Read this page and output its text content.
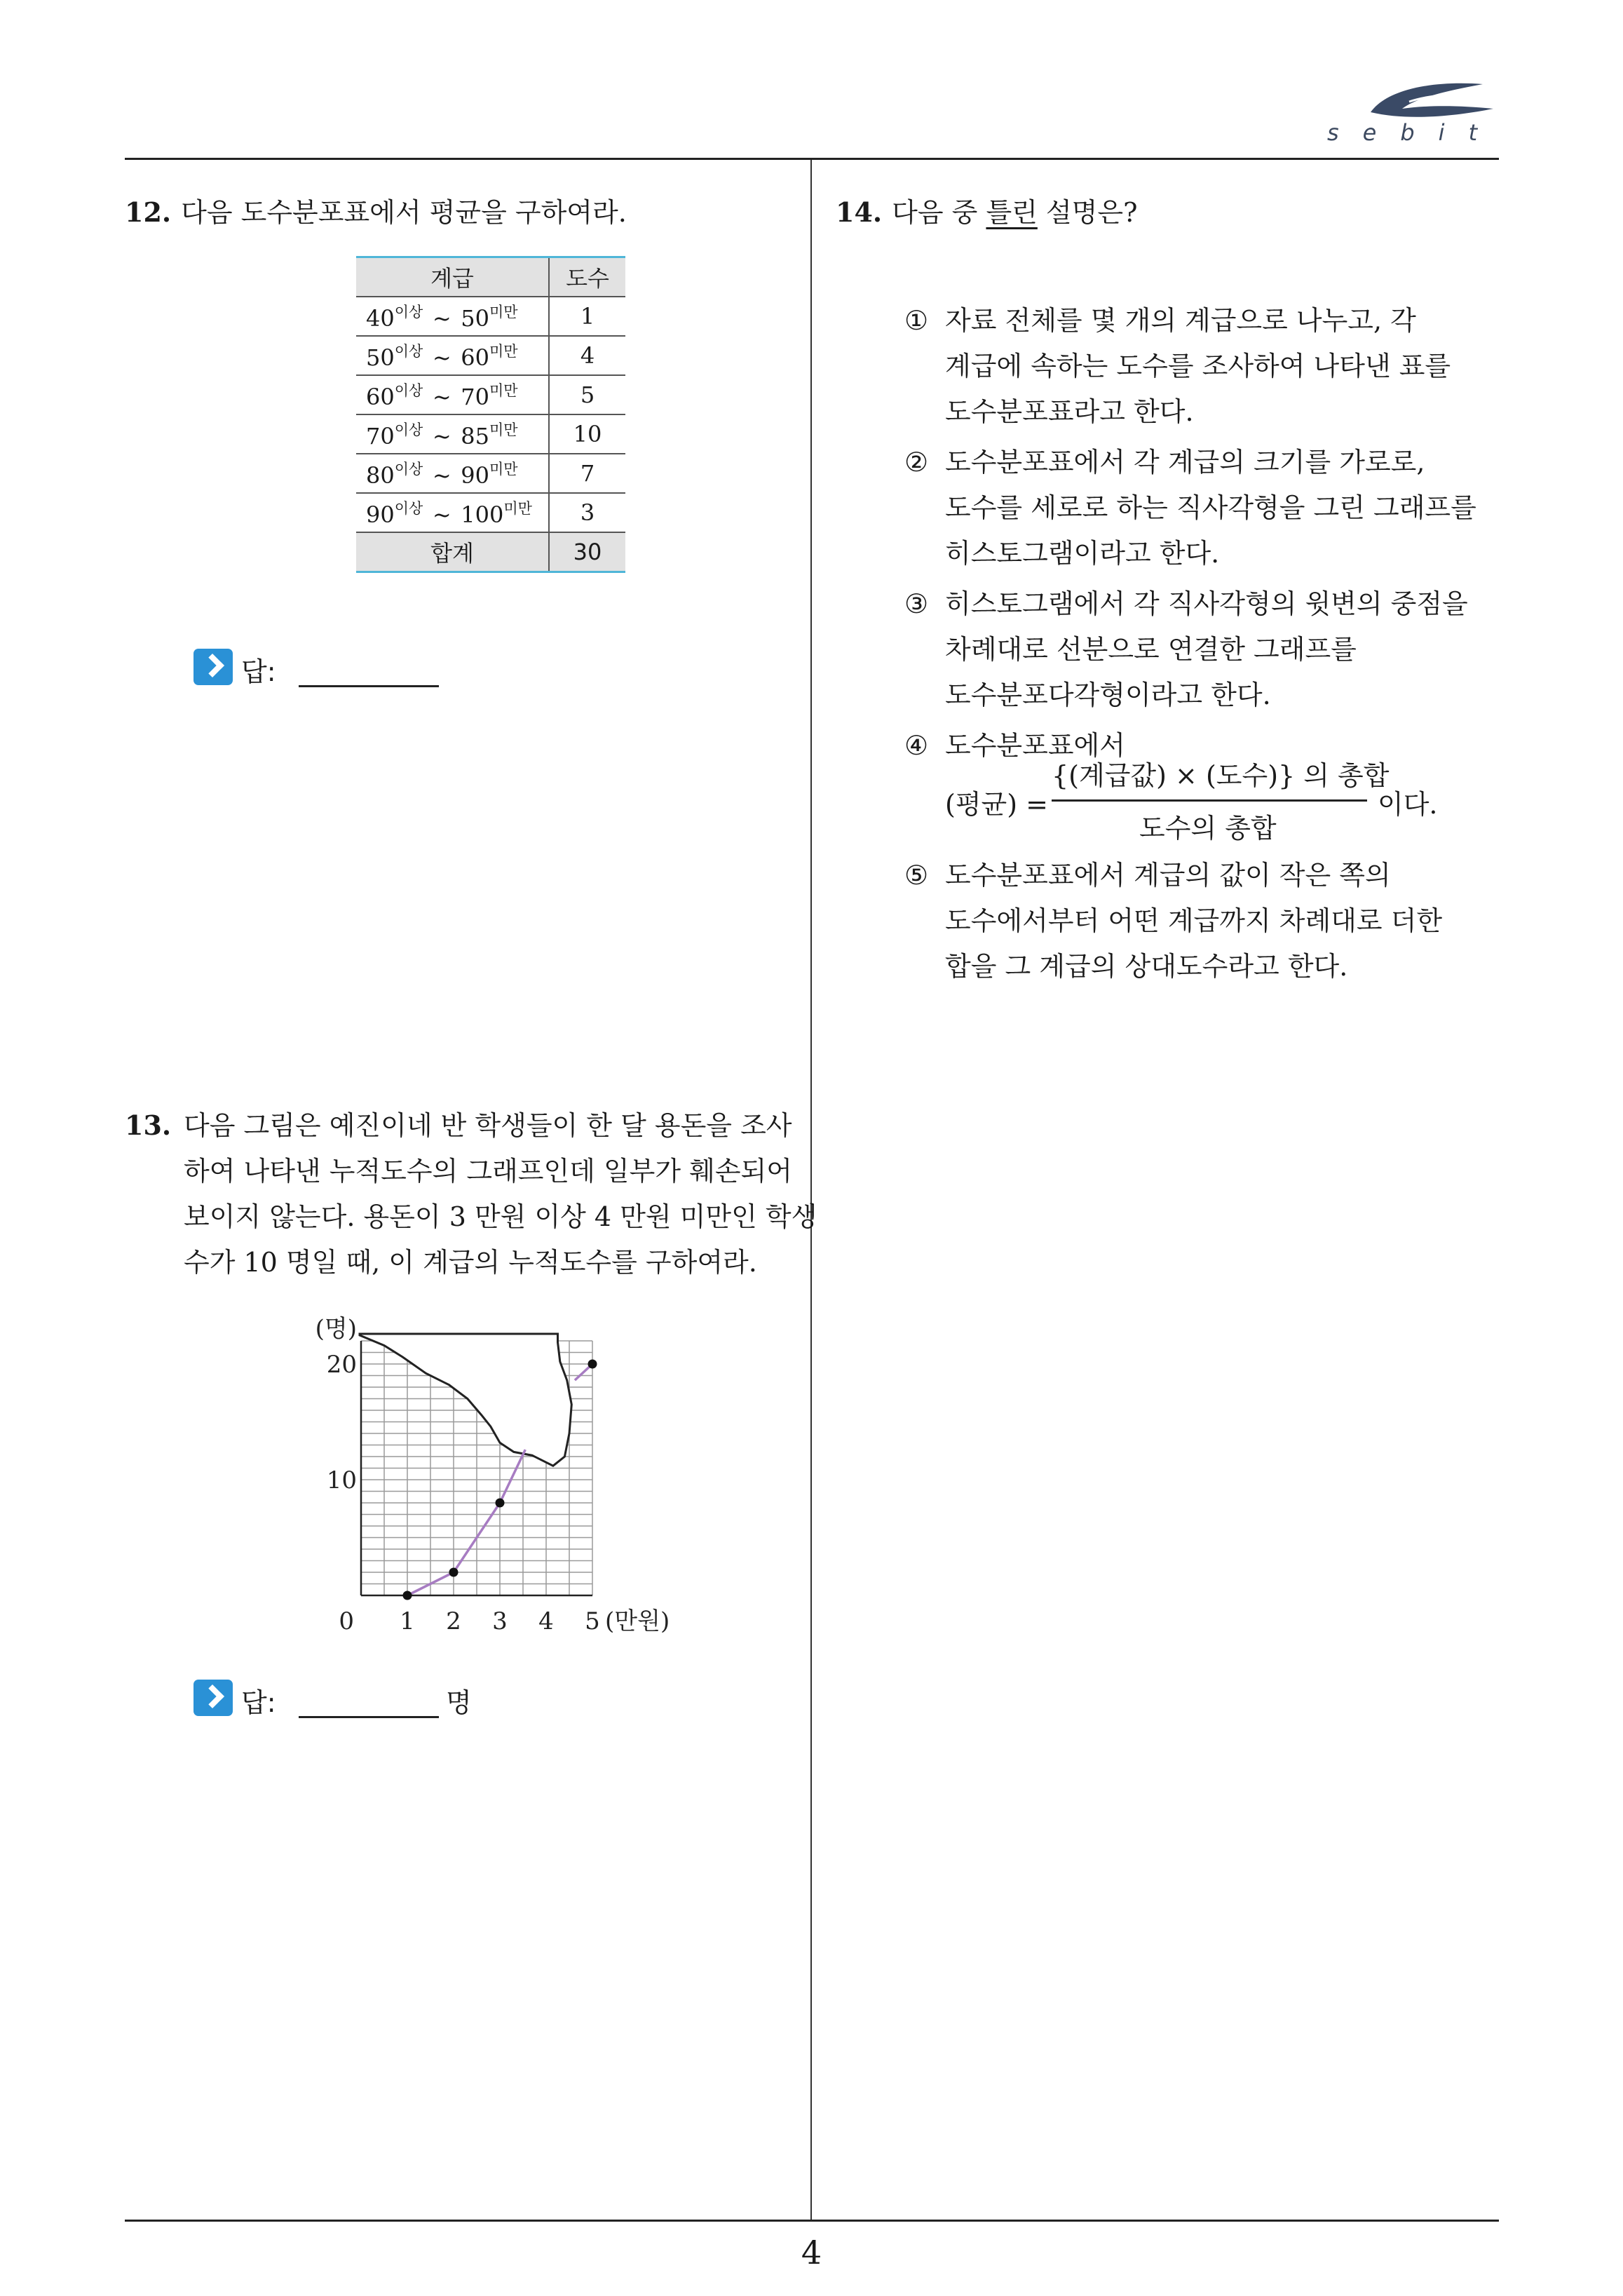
sebit
12. 다음 도수분포표에서 평균을 구하여라.
계급	도수
$40^{이상}$ ~ $50^{미만}$	1
$50^{이상}$ ~ $60^{미만}$	4
$60^{이상}$ ~ $70^{미만}$	5
$70^{이상}$ ~ $85^{미만}$	10
$80^{이상}$ ~ $90^{미만}$	7
$90^{이상}$ ~ $100^{미만}$	3
합계	30
답:
13. 다음 그림은 예진이네 반 학생들이 한 달 용돈을 조사
하여 나타낸 누적도수의 그래프인데 일부가 훼손되어
보이지 않는다. 용돈이 3 만원 이상 4 만원 미만인 학생
수가 10 명일 때, 이 계급의 누적도수를 구하여라.
1 2 3 4 5
10
20
0	(만원)
(명)
답:	명
14. 다음 중 틀린 설명은?
① 자료 전체를 몇 개의 계급으로 나누고, 각
계급에 속하는 도수를 조사하여 나타낸 표를
도수분포표라고 한다.
② 도수분포표에서 각 계급의 크기를 가로로,
도수를 세로로 하는 직사각형을 그린 그래프를
히스토그램이라고 한다.
③ 히스토그램에서 각 직사각형의 윗변의 중점을
차례대로 선분으로 연결한 그래프를
도수분포다각형이라고 한다.
④ 도수분포표에서
{(계급값) × (도수)} 의 총합
도수의 총합
(평균) =	이다.
⑤ 도수분포표에서 계급의 값이 작은 쪽의
도수에서부터 어떤 계급까지 차례대로 더한
합을 그 계급의 상대도수라고 한다.
4
